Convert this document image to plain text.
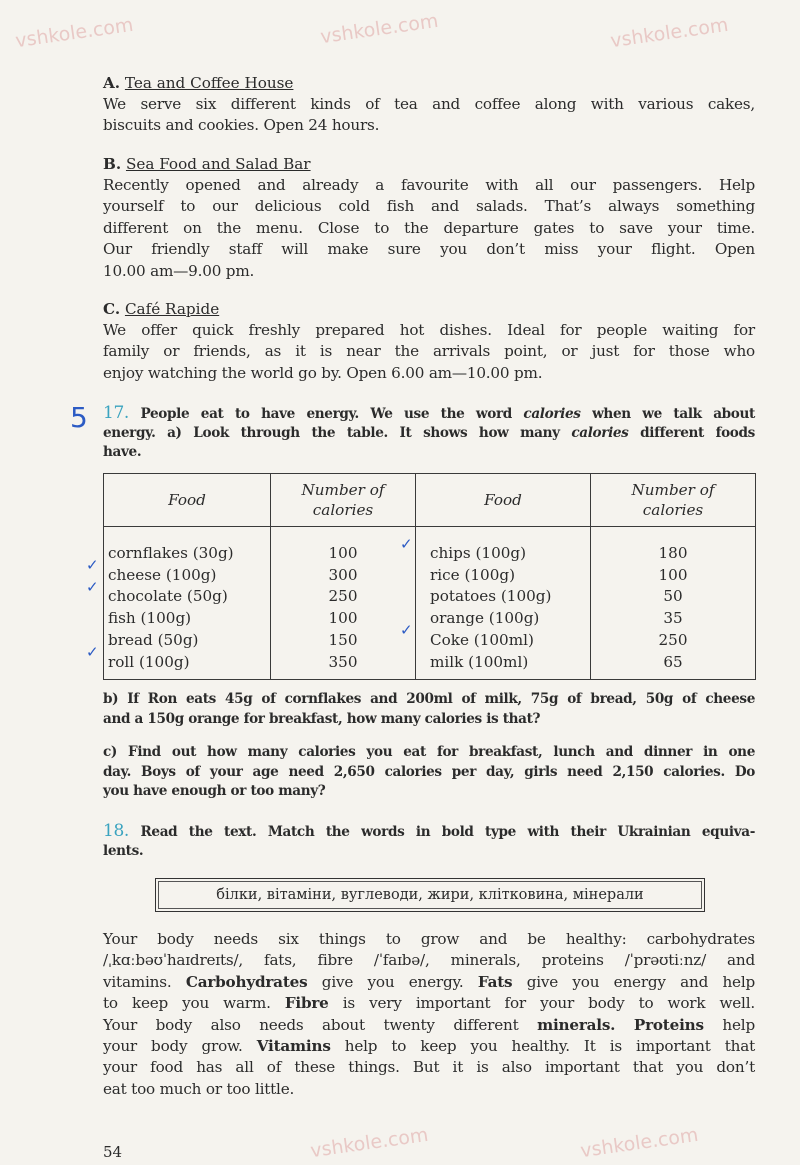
vshkole.com	vshkole.com	vshkole.com
vshkole.com	vshkole.com
A. Tea and Coffee House
We serve six different kinds of tea and coffee along with various cakes,
biscuits and cookies. Open 24 hours.
B. Sea Food and Salad Bar
Recently opened and already a favourite with all our passengers. Help
yourself to our delicious cold fish and salads. That’s always something
different on the menu. Close to the departure gates to save your time.
Our friendly staff will make sure you don’t miss your flight. Open
10.00 am—9.00 pm.
C. Café Rapide
We offer quick freshly prepared hot dishes. Ideal for people waiting for
family or friends, as it is near the arrivals point, or just for those who
enjoy watching the world go by. Open 6.00 am—10.00 pm.
5 17. People eat to have energy. We use the word calories when we talk about
energy. a) Look through the table. It shows how many calories different foods
have.
Food	Number of calories	Food	Number of calories
cornflakes (30g)	100	chips (100g)	180
cheese (100g)	300	rice (100g)	100
chocolate (50g)	250	potatoes (100g)	50
fish (100g)	100	orange (100g)	35
bread (50g)	150	Coke (100ml)	250
roll (100g)	350	milk (100ml)	65
✓
✓
✓
✓
✓
b) If Ron eats 45g of cornflakes and 200ml of milk, 75g of bread, 50g of cheese
and a 150g orange for breakfast, how many calories is that?
c) Find out how many calories you eat for breakfast, lunch and dinner in one
day. Boys of your age need 2,650 calories per day, girls need 2,150 calories. Do
you have enough or too many?
18. Read the text. Match the words in bold type with their Ukrainian equiva-
lents.
білки, вітаміни, вуглеводи, жири, клітковина, мінерали
Your body needs six things to grow and be healthy: carbohydrates
/ˌkɑːbəʊˈhaɪdreɪts/, fats, fibre /ˈfaɪbə/, minerals, proteins /ˈprəʊtiːnz/ and
vitamins. Carbohydrates give you energy. Fats give you energy and help
to keep you warm. Fibre is very important for your body to work well.
Your body also needs about twenty different minerals. Proteins help
your body grow. Vitamins help to keep you healthy. It is important that
your food has all of these things. But it is also important that you don’t
eat too much or too little.
54
